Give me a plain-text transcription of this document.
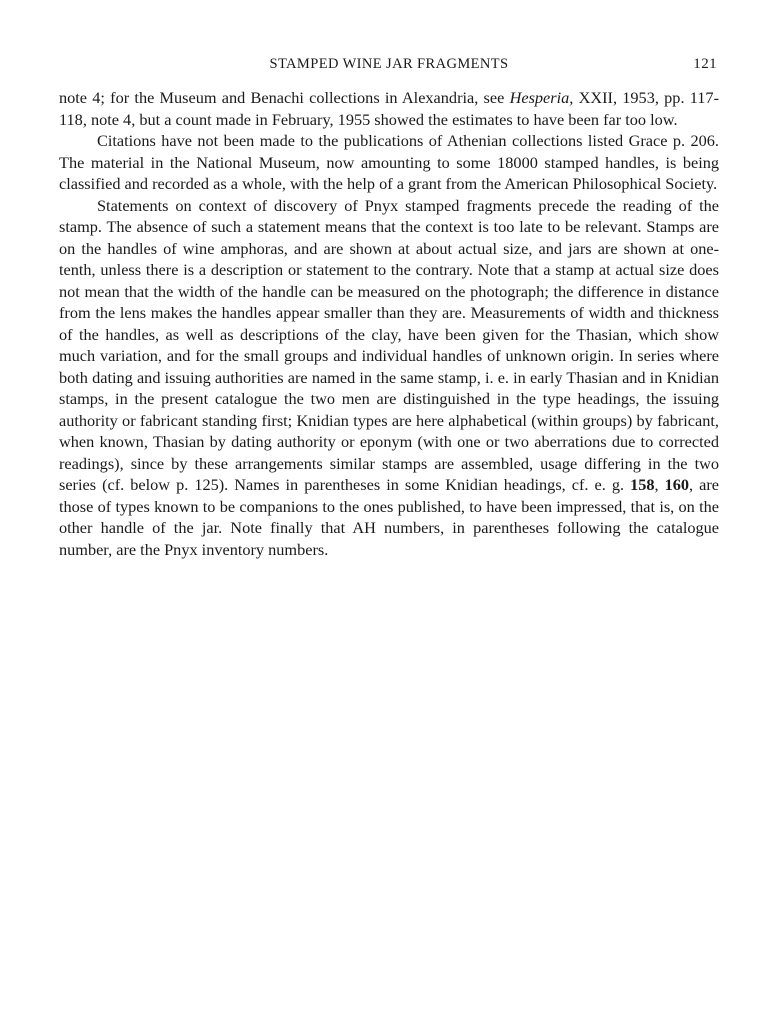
STAMPED WINE JAR FRAGMENTS	121

note 4; for the Museum and Benachi collections in Alexandria, see Hesperia, XXII, 1953, pp. 117-118, note 4, but a count made in February, 1955 showed the estimates to have been far too low.

Citations have not been made to the publications of Athenian collections listed Grace p. 206. The material in the National Museum, now amounting to some 18000 stamped handles, is being classified and recorded as a whole, with the help of a grant from the American Philosophical Society.

Statements on context of discovery of Pnyx stamped fragments precede the reading of the stamp. The absence of such a statement means that the context is too late to be relevant. Stamps are on the handles of wine amphoras, and are shown at about actual size, and jars are shown at one-tenth, unless there is a description or statement to the contrary. Note that a stamp at actual size does not mean that the width of the handle can be measured on the photograph; the difference in distance from the lens makes the handles appear smaller than they are. Measurements of width and thickness of the handles, as well as descriptions of the clay, have been given for the Thasian, which show much variation, and for the small groups and individual handles of unknown origin. In series where both dating and issuing authorities are named in the same stamp, i. e. in early Thasian and in Knidian stamps, in the present catalogue the two men are distinguished in the type headings, the issuing authority or fabricant standing first; Knidian types are here alphabetical (within groups) by fabricant, when known, Thasian by dating authority or eponym (with one or two aberrations due to corrected readings), since by these arrangements similar stamps are assembled, usage differing in the two series (cf. below p. 125). Names in parentheses in some Knidian headings, cf. e. g. 158, 160, are those of types known to be companions to the ones published, to have been impressed, that is, on the other handle of the jar. Note finally that AH numbers, in parentheses following the catalogue number, are the Pnyx inventory numbers.
